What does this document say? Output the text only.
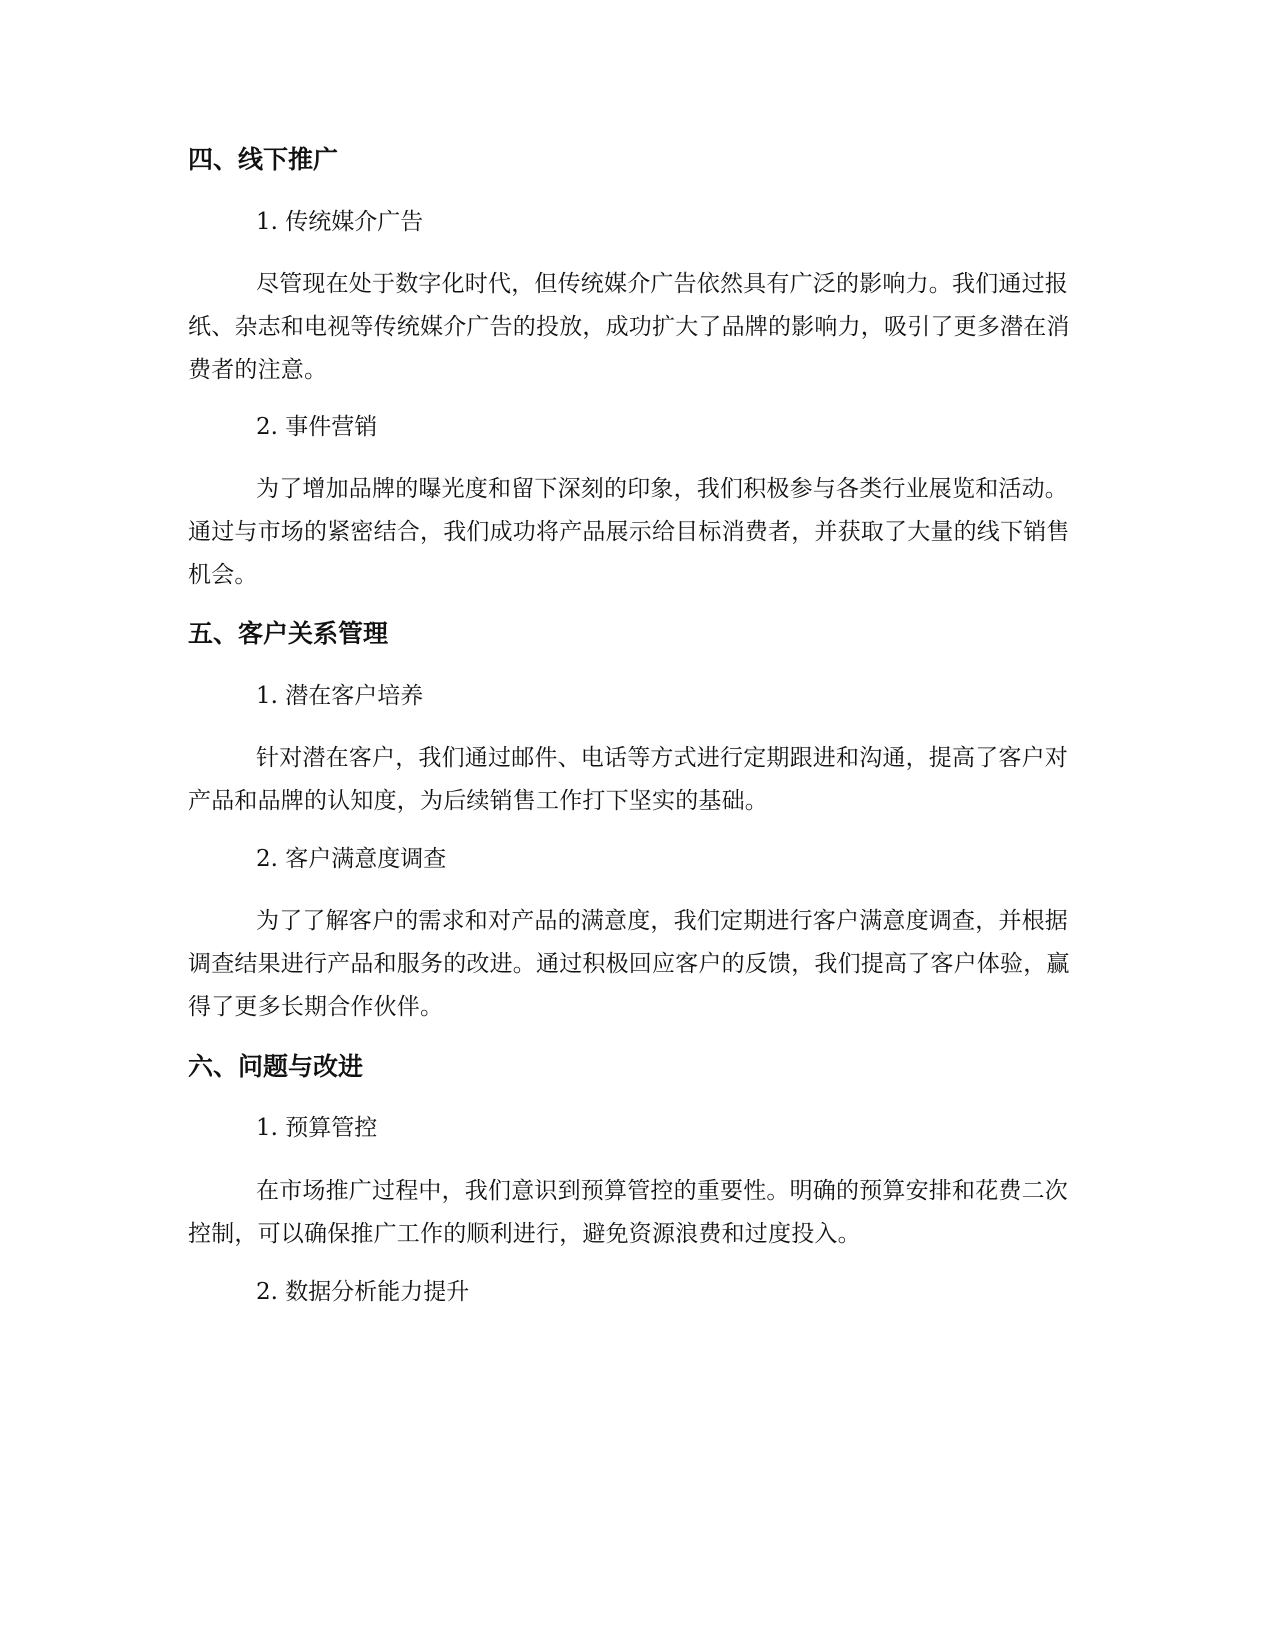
四、线下推广
1. 传统媒介广告

尽管现在处于数字化时代，但传统媒介广告依然具有广泛的影响力。我们通过报纸、杂志和电视等传统媒介广告的投放，成功扩大了品牌的影响力，吸引了更多潜在消费者的注意。

2. 事件营销

为了增加品牌的曝光度和留下深刻的印象，我们积极参与各类行业展览和活动。通过与市场的紧密结合，我们成功将产品展示给目标消费者，并获取了大量的线下销售机会。

五、客户关系管理
1. 潜在客户培养

针对潜在客户，我们通过邮件、电话等方式进行定期跟进和沟通，提高了客户对产品和品牌的认知度，为后续销售工作打下坚实的基础。

2. 客户满意度调查

为了了解客户的需求和对产品的满意度，我们定期进行客户满意度调查，并根据调查结果进行产品和服务的改进。通过积极回应客户的反馈，我们提高了客户体验，赢得了更多长期合作伙伴。

六、问题与改进
1. 预算管控

在市场推广过程中，我们意识到预算管控的重要性。明确的预算安排和花费二次控制，可以确保推广工作的顺利进行，避免资源浪费和过度投入。

2. 数据分析能力提升
